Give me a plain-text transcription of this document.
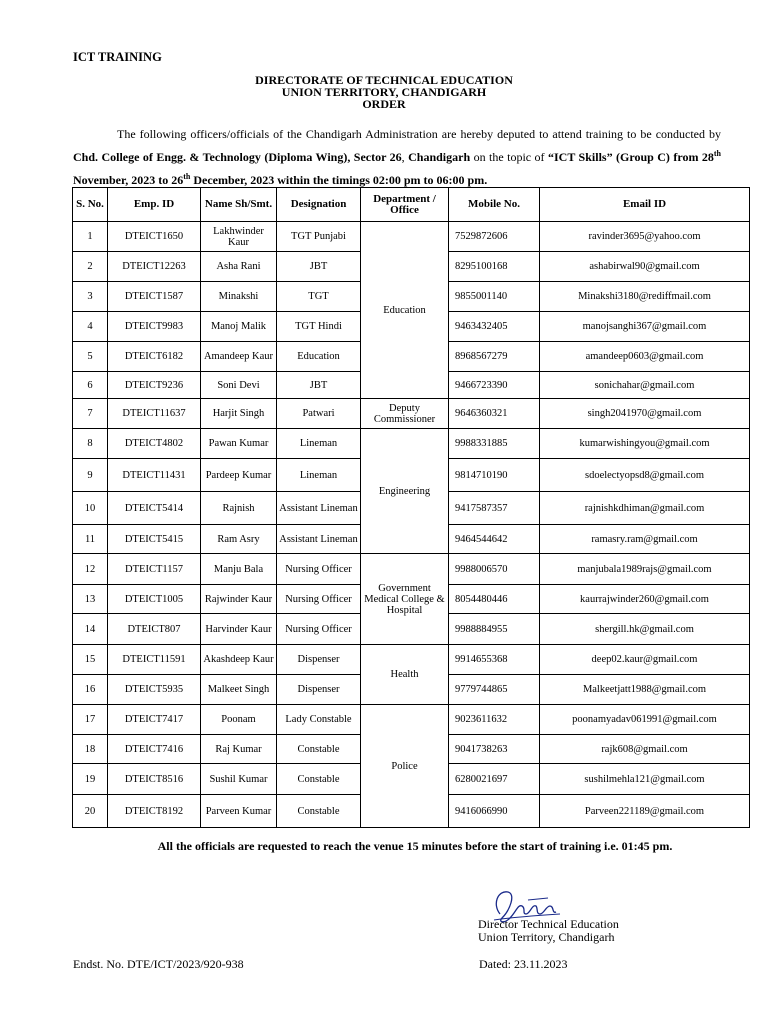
ICT TRAINING
DIRECTORATE OF TECHNICAL EDUCATION
UNION TERRITORY, CHANDIGARH
ORDER
The following officers/officials of the Chandigarh Administration are hereby deputed to attend training to be conducted by Chd. College of Engg. & Technology (Diploma Wing), Sector 26, Chandigarh on the topic of “ICT Skills” (Group C) from 28th November, 2023 to 26th December, 2023 within the timings 02:00 pm to 06:00 pm.
S. No.	Emp. ID	Name Sh/Smt.	Designation	Department / Office	Mobile No.	Email ID
1	DTEICT1650	Lakhwinder Kaur	TGT Punjabi	Education	7529872606	ravinder3695@yahoo.com
2	DTEICT12263	Asha Rani	JBT		8295100168	ashabirwal90@gmail.com
3	DTEICT1587	Minakshi	TGT		9855001140	Minakshi3180@rediffmail.com
4	DTEICT9983	Manoj Malik	TGT Hindi		9463432405	manojsanghi367@gmail.com
5	DTEICT6182	Amandeep Kaur	Education		8968567279	amandeep0603@gmail.com
6	DTEICT9236	Soni Devi	JBT		9466723390	sonichahar@gmail.com
7	DTEICT11637	Harjit Singh	Patwari	Deputy Commissioner	9646360321	singh2041970@gmail.com
8	DTEICT4802	Pawan Kumar	Lineman	Engineering	9988331885	kumarwishingyou@gmail.com
9	DTEICT11431	Pardeep Kumar	Lineman		9814710190	sdoelectyopsd8@gmail.com
10	DTEICT5414	Rajnish	Assistant Lineman		9417587357	rajnishkdhiman@gmail.com
11	DTEICT5415	Ram Asry	Assistant Lineman		9464544642	ramasry.ram@gmail.com
12	DTEICT1157	Manju Bala	Nursing Officer	Government Medical College & Hospital	9988006570	manjubala1989rajs@gmail.com
13	DTEICT1005	Rajwinder Kaur	Nursing Officer		8054480446	kaurrajwinder260@gmail.com
14	DTEICT807	Harvinder Kaur	Nursing Officer		9988884955	shergill.hk@gmail.com
15	DTEICT11591	Akashdeep Kaur	Dispenser	Health	9914655368	deep02.kaur@gmail.com
16	DTEICT5935	Malkeet Singh	Dispenser		9779744865	Malkeetjatt1988@gmail.com
17	DTEICT7417	Poonam	Lady Constable	Police	9023611632	poonamyadav061991@gmail.com
18	DTEICT7416	Raj Kumar	Constable		9041738263	rajk608@gmail.com
19	DTEICT8516	Sushil Kumar	Constable		6280021697	sushilmehla121@gmail.com
20	DTEICT8192	Parveen Kumar	Constable		9416066990	Parveen221189@gmail.com
All the officials are requested to reach the venue 15 minutes before the start of training i.e. 01:45 pm.
Director Technical Education
Union Territory, Chandigarh
Endst. No. DTE/ICT/2023/920-938	Dated: 23.11.2023
